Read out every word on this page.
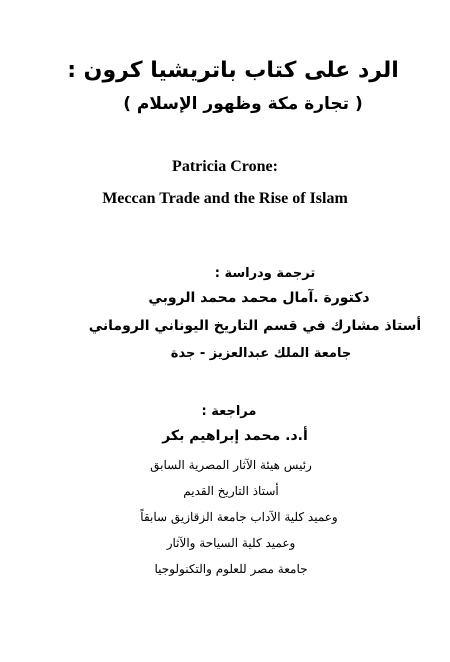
الرد على كتاب باتريشيا كرون :
( تجارة مكة وظهور الإسلام )
Patricia Crone:
Meccan Trade and the Rise of Islam
ترجمة ودراسة :
دكتورة .آمال محمد محمد الروبي
أستاذ مشارك في قسم التاريخ اليوناني الروماني
جامعة الملك عبدالعزيز - جدة
مراجعة :
أ.د. محمد إبراهيم بكر
رئيس هيئة الآثار المصرية السابق
أستاذ التاريخ القديم
وعميد كلية الآداب جامعة الزقازيق سابقاً
وعميد كلية السياحة والآثار
جامعة مصر للعلوم والتكنولوجيا
